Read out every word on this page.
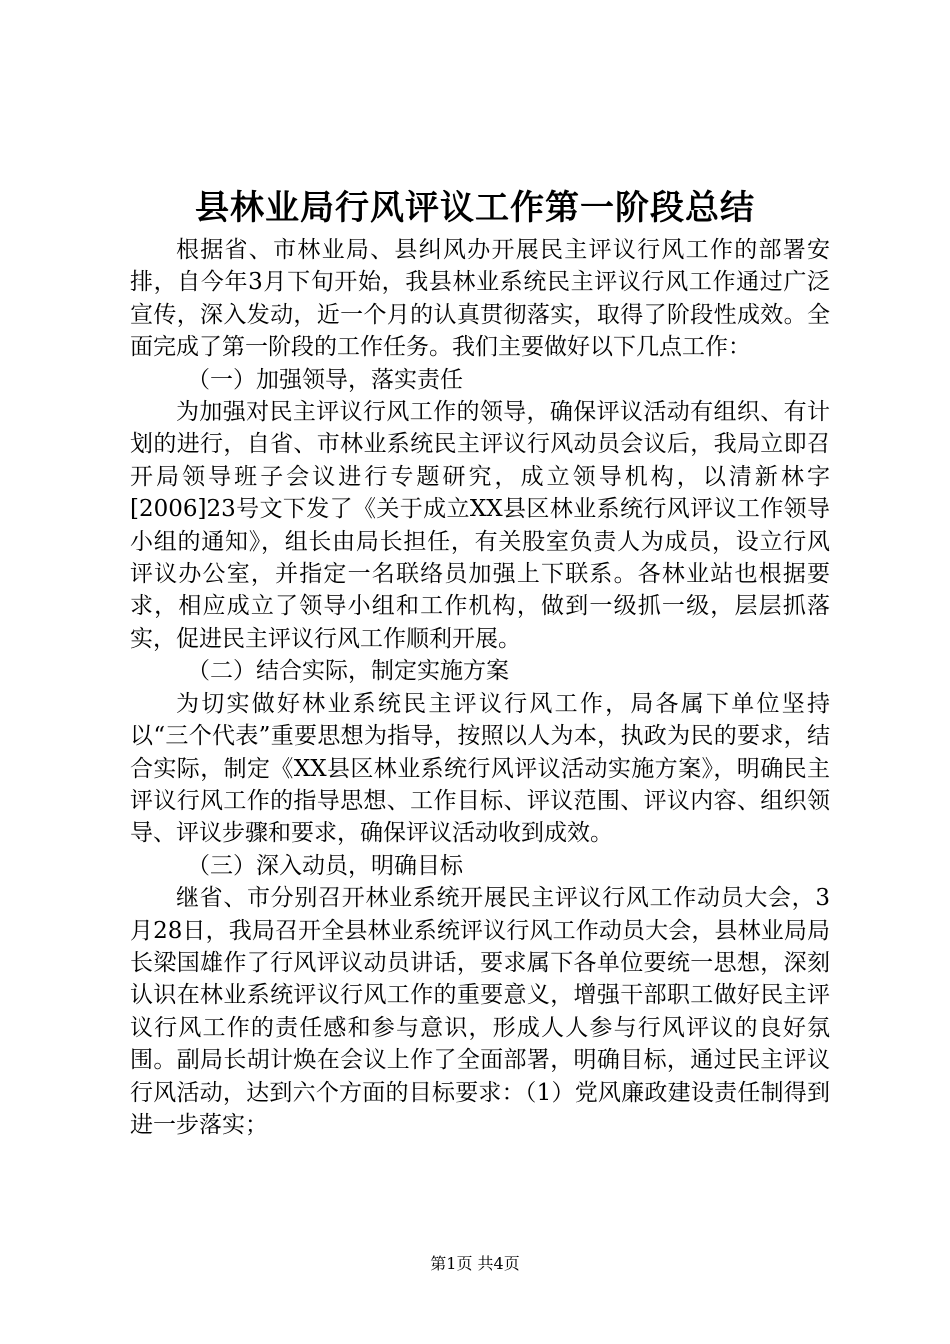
县林业局行风评议工作第一阶段总结

根据省、市林业局、县纠风办开展民主评议行风工作的部署安排，自今年3月下旬开始，我县林业系统民主评议行风工作通过广泛宣传，深入发动，近一个月的认真贯彻落实，取得了阶段性成效。全面完成了第一阶段的工作任务。我们主要做好以下几点工作：

（一）加强领导，落实责任

为加强对民主评议行风工作的领导，确保评议活动有组织、有计划的进行，自省、市林业系统民主评议行风动员会议后，我局立即召开局领导班子会议进行专题研究，成立领导机构，以清新林字[2006]23号文下发了《关于成立XX县区林业系统行风评议工作领导小组的通知》，组长由局长担任，有关股室负责人为成员，设立行风评议办公室，并指定一名联络员加强上下联系。各林业站也根据要求，相应成立了领导小组和工作机构，做到一级抓一级，层层抓落实，促进民主评议行风工作顺利开展。

（二）结合实际，制定实施方案

为切实做好林业系统民主评议行风工作，局各属下单位坚持以“三个代表”重要思想为指导，按照以人为本，执政为民的要求，结合实际，制定《XX县区林业系统行风评议活动实施方案》，明确民主评议行风工作的指导思想、工作目标、评议范围、评议内容、组织领导、评议步骤和要求，确保评议活动收到成效。

（三）深入动员，明确目标

继省、市分别召开林业系统开展民主评议行风工作动员大会，3月28日，我局召开全县林业系统评议行风工作动员大会，县林业局局长梁国雄作了行风评议动员讲话，要求属下各单位要统一思想，深刻认识在林业系统评议行风工作的重要意义，增强干部职工做好民主评议行风工作的责任感和参与意识，形成人人参与行风评议的良好氛围。副局长胡计焕在会议上作了全面部署，明确目标，通过民主评议行风活动，达到六个方面的目标要求：（1）党风廉政建设责任制得到进一步落实；

第1页 共4页
